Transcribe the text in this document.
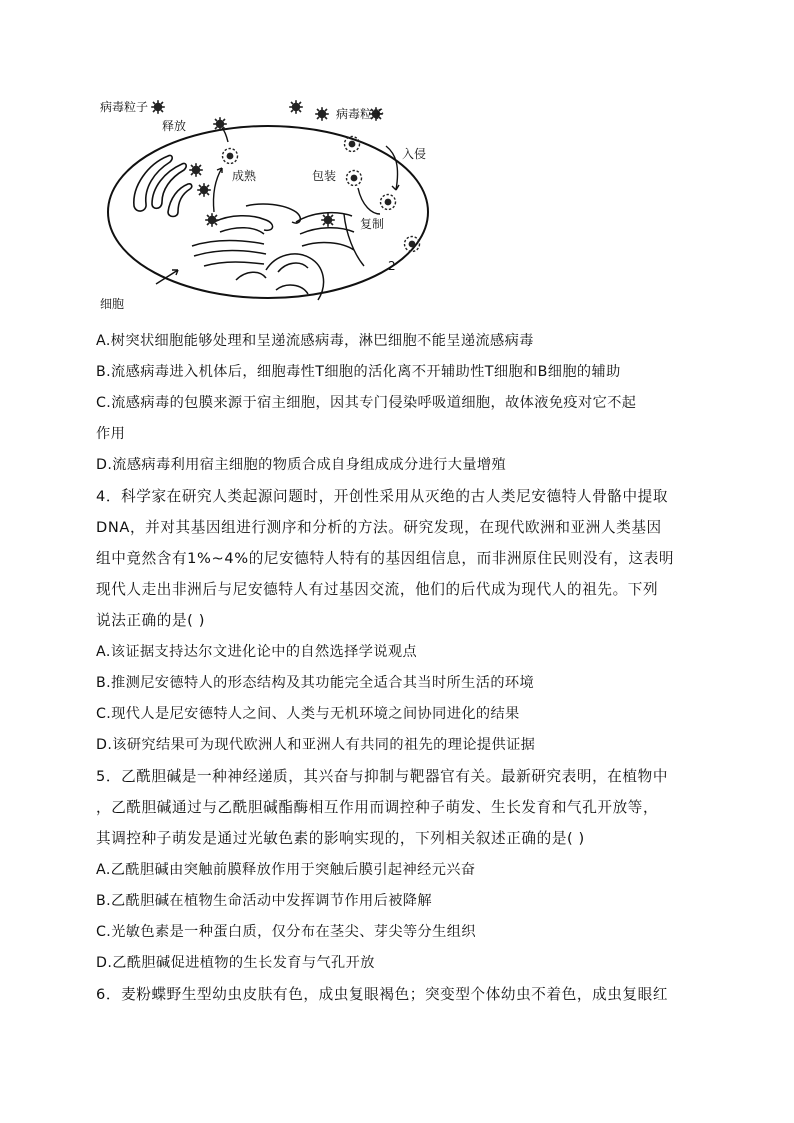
病毒粒子
释放
病毒粒子
入侵
成熟	包装
复制
细胞
2
A.树突状细胞能够处理和呈递流感病毒，淋巴细胞不能呈递流感病毒
B.流感病毒进入机体后，细胞毒性T细胞的活化离不开辅助性T细胞和B细胞的辅助
C.流感病毒的包膜来源于宿主细胞，因其专门侵染呼吸道细胞，故体液免疫对它不起
作用
D.流感病毒利用宿主细胞的物质合成自身组成成分进行大量增殖
4．科学家在研究人类起源问题时，开创性采用从灭绝的古人类尼安德特人骨骼中提取
DNA，并对其基因组进行测序和分析的方法。研究发现，在现代欧洲和亚洲人类基因
组中竟然含有1%~4%的尼安德特人特有的基因组信息，而非洲原住民则没有，这表明
现代人走出非洲后与尼安德特人有过基因交流，他们的后代成为现代人的祖先。下列
说法正确的是( )
A.该证据支持达尔文进化论中的自然选择学说观点
B.推测尼安德特人的形态结构及其功能完全适合其当时所生活的环境
C.现代人是尼安德特人之间、人类与无机环境之间协同进化的结果
D.该研究结果可为现代欧洲人和亚洲人有共同的祖先的理论提供证据
5．乙酰胆碱是一种神经递质，其兴奋与抑制与靶器官有关。最新研究表明，在植物中
，乙酰胆碱通过与乙酰胆碱酯酶相互作用而调控种子萌发、生长发育和气孔开放等，
其调控种子萌发是通过光敏色素的影响实现的，下列相关叙述正确的是( )
A.乙酰胆碱由突触前膜释放作用于突触后膜引起神经元兴奋
B.乙酰胆碱在植物生命活动中发挥调节作用后被降解
C.光敏色素是一种蛋白质，仅分布在茎尖、芽尖等分生组织
D.乙酰胆碱促进植物的生长发育与气孔开放
6．麦粉蝶野生型幼虫皮肤有色，成虫复眼褐色；突变型个体幼虫不着色，成虫复眼红
